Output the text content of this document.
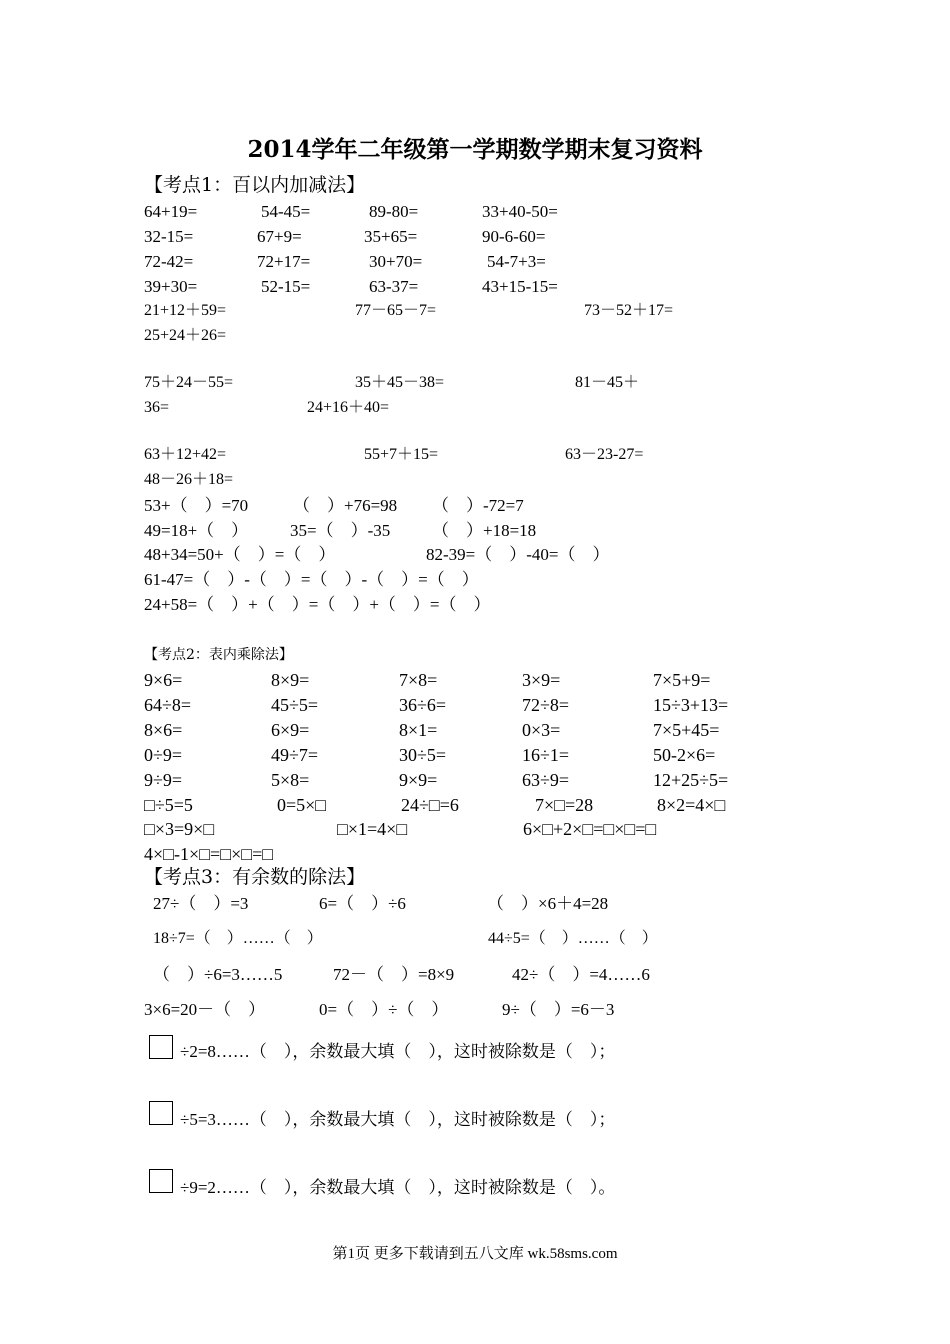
2014学年二年级第一学期数学期末复习资料
【考点1：百以内加减法】
64+19=	54-45=	89-80=	33+40-50=
32-15=	67+9=	35+65=	90-6-60=
72-42=	72+17=	30+70=	54-7+3=
39+30=	52-15=	63-37=	43+15-15=
21+12＋59=	77－65－7=	73－52＋17=
25+24＋26=
75＋24－55=	35＋45－38=	81－45＋
36=	24+16＋40=
63＋12+42=	55+7＋15=	63－23-27=
48－26＋18=
53+（　）=70	（　）+76=98 （　）-72=7
49=18+（　） 35=（　）-35 （　）+18=18
48+34=50+（　）=（　）	82-39=（　）-40=（　）
61-47=（　）-（　）=（　）-（　）=（　）
24+58=（　）+（　）=（　）+（　）=（　）
【考点2：表内乘除法】
9×6=	8×9=	7×8=	3×9=	7×5+9=
64÷8=	45÷5=	36÷6=	72÷8=	15÷3+13=
8×6=	6×9=	8×1=	0×3=	7×5+45=
0÷9=	49÷7=	30÷5=	16÷1=	50-2×6=
9÷9=	5×8=	9×9=	63÷9=	12+25÷5=
□÷5=5	0=5×□	24÷□=6	7×□=28	8×2=4×□
□×3=9×□	□×1=4×□	6×□+2×□=□×□=□
4×□-1×□=□×□=□
【考点3：有余数的除法】
27÷（　）=3	6=（　）÷6	（　）×6＋4=28
18÷7=（　）……（　）	44÷5=（　）……（　）
（　）÷6=3……5	72－（　）=8×9	42÷（　）=4……6
3×6=20－（　）	0=（　）÷（　）	9÷（　）=6－3
÷2=8……（　），余数最大填（　），这时被除数是（　）；
÷5=3……（　），余数最大填（　），这时被除数是（　）；
÷9=2……（　），余数最大填（　），这时被除数是（　）。
第1页 更多下载请到五八文库 wk.58sms.com
